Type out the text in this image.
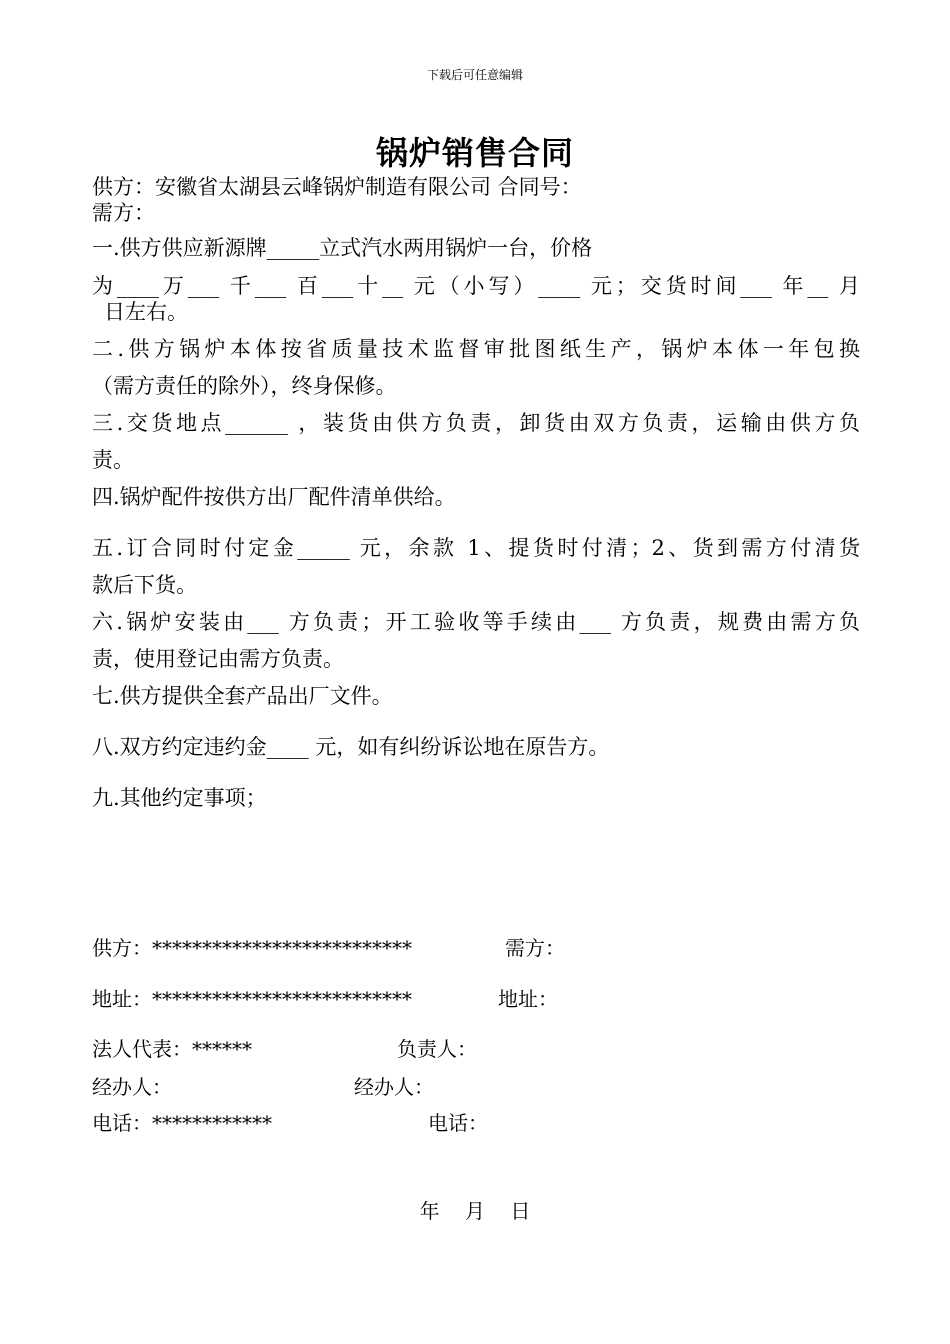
下载后可任意编辑
锅炉销售合同
供方：安徽省太湖县云峰锅炉制造有限公司 合同号：
需方：
一.供方供应新源牌_____立式汽水两用锅炉一台，价格
为____万___ 千___ 百___十__ 元（小写）____ 元；交货时间___ 年__ 月
日左右。
二.供方锅炉本体按省质量技术监督审批图纸生产，锅炉本体一年包换
（需方责任的除外），终身保修。
三.交货地点______ ，装货由供方负责，卸货由双方负责，运输由供方负
责。
四.锅炉配件按供方出厂配件清单供给。
五.订合同时付定金_____ 元，余款 1、提货时付清；2、货到需方付清货
款后下货。
六.锅炉安装由___ 方负责；开工验收等手续由___ 方负责，规费由需方负
责，使用登记由需方负责。
七.供方提供全套产品出厂文件。
八.双方约定违约金____ 元，如有纠纷诉讼地在原告方。
九.其他约定事项；
供方：**************************	需方：
地址：**************************	地址：
法人代表：******	负责人：
经办人：	经办人：
电话：************	电话：
年    月    日
